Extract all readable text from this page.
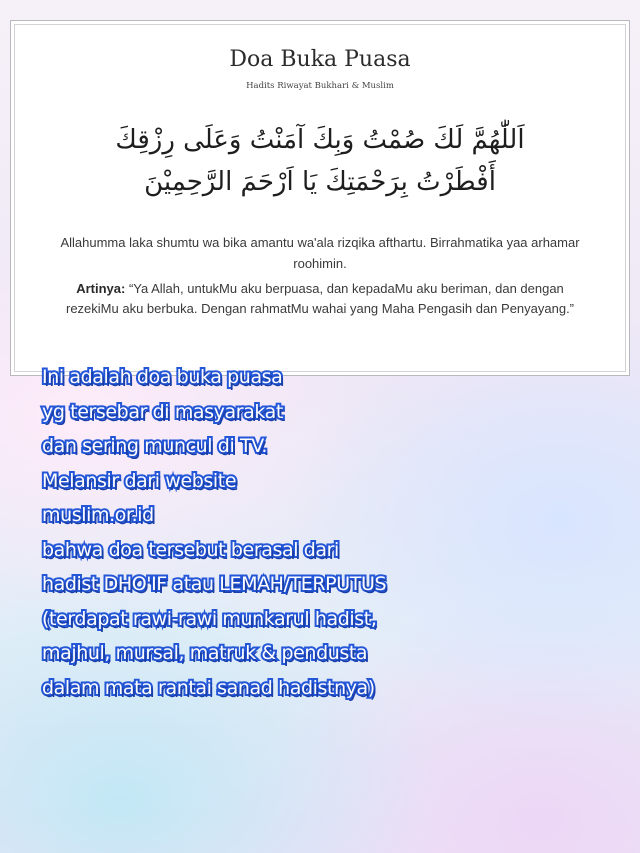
Doa Buka Puasa
Hadits Riwayat Bukhari & Muslim
اَللّٰهُمَّ لَكَ صُمْتُ وَبِكَ آمَنْتُ وَعَلَى رِزْقِكَ
أَفْطَرْتُ بِرَحْمَتِكَ يَا اَرْحَمَ الرَّحِمِيْنَ
Allahumma laka shumtu wa bika amantu wa'ala rizqika afthartu. Birrahmatika yaa arhamar roohimin.
Artinya: “Ya Allah, untukMu aku berpuasa, dan kepadaMu aku beriman, dan dengan rezekiMu aku berbuka. Dengan rahmatMu wahai yang Maha Pengasih dan Penyayang.”
Ini adalah doa buka puasa
yg tersebar di masyarakat
dan sering muncul di TV.
Melansir dari website
muslim.or.id
bahwa doa tersebut berasal dari
hadist DHO'IF atau LEMAH/TERPUTUS
(terdapat rawi-rawi munkarul hadist,
majhul, mursal, matruk & pendusta
dalam mata rantai sanad hadistnya)
